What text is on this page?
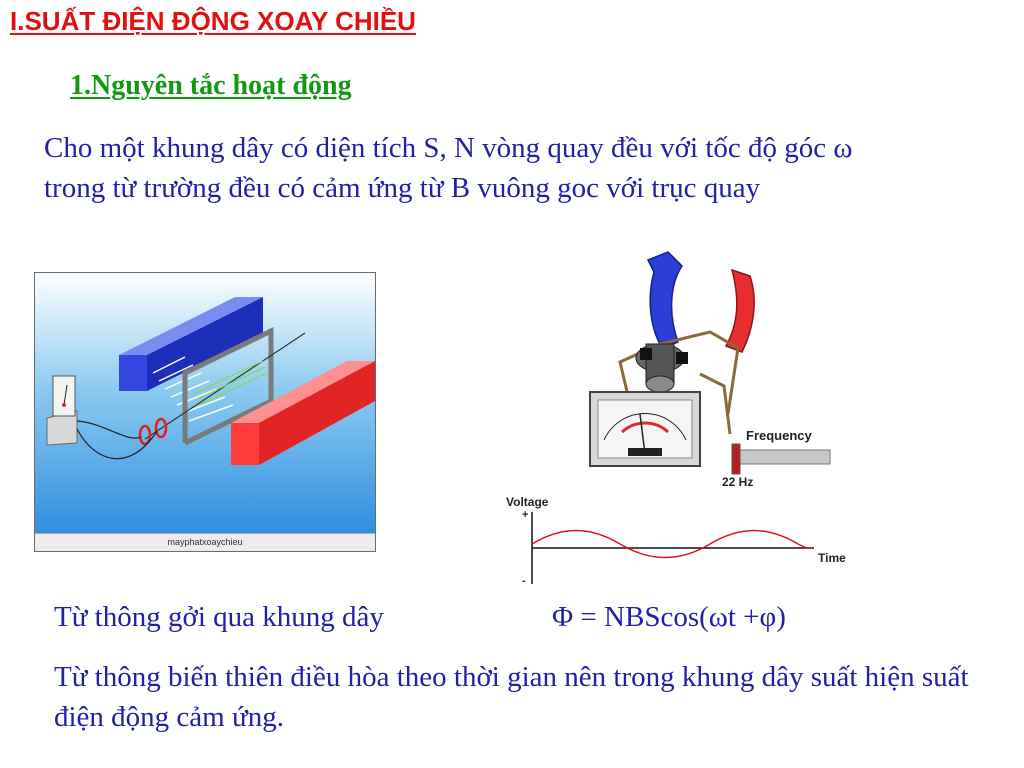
I.SUẤT ĐIỆN ĐỘNG XOAY CHIỀU
1.Nguyên tắc hoạt động
Cho một khung dây có diện tích S, N vòng quay đều với tốc độ góc ω trong từ trường đều có cảm ứng từ B vuông goc với trục quay
mayphatxoaychieu
Frequency
22 Hz
Voltage
+
-
Time
Từ thông gởi qua khung dây	Φ = NBScos(ωt +φ)
Từ thông biến thiên điều hòa theo thời gian nên trong khung dây suất hiện suất điện động cảm ứng.
